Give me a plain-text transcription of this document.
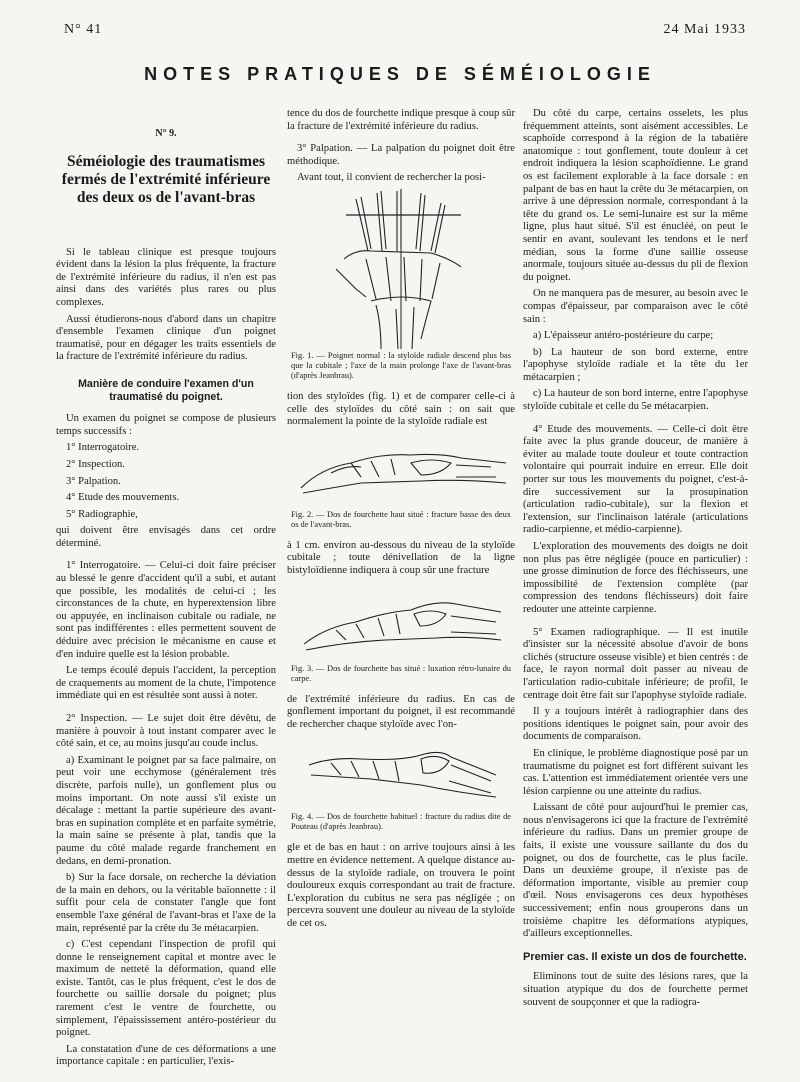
N° 41	24 Mai 1933
NOTES PRATIQUES DE SÉMÉIOLOGIE
N° 9.
Séméiologie des traumatismes fermés de l'extrémité inférieure des deux os de l'avant-bras

Si le tableau clinique est presque toujours évident dans la lésion la plus fréquente, la fracture de l'extrémité inférieure du radius, il n'en est pas ainsi dans des variétés plus rares ou plus complexes.

Aussi étudierons-nous d'abord dans un chapitre d'ensemble l'examen clinique d'un poignet traumatisé, pour en dégager les traits essentiels de la fracture de l'extrémité inférieure du radius.

Manière de conduire l'examen d'un traumatisé du poignet.

Un examen du poignet se compose de plusieurs temps successifs :

1° Interrogatoire.

2° Inspection.

3° Palpation.

4° Etude des mouvements.

5° Radiographie,

qui doivent être envisagés dans cet ordre déterminé.

1° Interrogatoire. — Celui-ci doit faire préciser au blessé le genre d'accident qu'il a subi, et autant que possible, les modalités de celui-ci ; les circonstances de la chute, en hyperextension libre ou appuyée, en inclinaison cubitale ou radiale, ne sont pas indifférentes : elles permettent souvent de déduire avec précision le mécanisme en cause et d'en induire quelle est la lésion probable.

Le temps écoulé depuis l'accident, la perception de craquements au moment de la chute, l'impotence immédiate qui en est résultée sont aussi à noter.

2° Inspection. — Le sujet doit être dévêtu, de manière à pouvoir à tout instant comparer avec le côté sain, et ce, au moins jusqu'au coude inclus.

a) Examinant le poignet par sa face palmaire, on peut voir une ecchymose (généralement très discrète, parfois nulle), un gonflement plus ou moins important. On note aussi s'il existe un décalage : mettant la partie supérieure des avant-bras en supination complète et en parfaite symétrie, la main saine se présente à plat, tandis que la paume du côté malade regarde franchement en dedans, en demi-pronation.

b) Sur la face dorsale, on recherche la déviation de la main en dehors, ou la véritable baïonnette : il suffit pour cela de constater l'angle que font ensemble l'axe général de l'avant-bras et l'axe de la main, représenté par la crête du 3e métacarpien.

c) C'est cependant l'inspection de profil qui donne le renseignement capital et montre avec le maximum de netteté la déformation, quand elle existe. Tantôt, cas le plus fréquent, c'est le dos de fourchette ou saillie dorsale du poignet; plus rarement c'est le ventre de fourchette, ou simplement, l'épaississement antéro-postérieur du poignet.

La constatation d'une de ces déformations a une importance capitale : en particulier, l'exis-

tence du dos de fourchette indique presque à coup sûr la fracture de l'extrémité inférieure du radius.

3° Palpation. — La palpation du poignet doit être méthodique.

Avant tout, il convient de rechercher la posi-

Fig. 1. — Poignet normal : la styloïde radiale descend plus bas que la cubitale ; l'axe de la main prolonge l'axe de l'avant-bras (d'après Jeanbrau).

tion des styloïdes (fig. 1) et de comparer celle-ci à celle des styloïdes du côté sain : on sait que normalement la pointe de la styloïde radiale est

Fig. 2. — Dos de fourchette haut situé : fracture basse des deux os de l'avant-bras.

à 1 cm. environ au-dessous du niveau de la styloïde cubitale ; toute dénivellation de la ligne bistyloïdienne indiquera à coup sûr une fracture

Fig. 3. — Dos de fourchette bas situé : luxation rétro-lunaire du carpe.

de l'extrémité inférieure du radius. En cas de gonflement important du poignet, il est recommandé de rechercher chaque styloïde avec l'on-

Fig. 4. — Dos de fourchette habituel : fracture du radius dite de Pouteau (d'après Jeanbrau).

gle et de bas en haut : on arrive toujours ainsi à les mettre en évidence nettement. A quelque distance au-dessus de la styloïde radiale, on trouvera le point douloureux exquis correspondant au trait de fracture. L'exploration du cubitus ne sera pas négligée ; on percevra souvent une douleur au niveau de la styloïde de cet os.

Du côté du carpe, certains osselets, les plus fréquemment atteints, sont aisément accessibles. Le scaphoïde correspond à la région de la tabatière anatomique : tout gonflement, toute douleur à cet endroit indiquera la lésion scaphoïdienne. Le grand os est facilement explorable à la face dorsale : en palpant de bas en haut la crête du 3e métacarpien, on arrive à une dépression normale, correspondant à la tête du grand os. Le semi-lunaire est sur la même ligne, plus haut situé. S'il est énucléé, on peut le sentir en avant, soulevant les tendons et le nerf médian, sous la forme d'une saillie osseuse anormale, toujours située au-dessus du pli de flexion du poignet.

On ne manquera pas de mesurer, au besoin avec le compas d'épaisseur, par comparaison avec le côté sain :

a) L'épaisseur antéro-postérieure du carpe;

b) La hauteur de son bord externe, entre l'apophyse styloïde radiale et la tête du 1er métacarpien ;

c) La hauteur de son bord interne, entre l'apophyse styloïde cubitale et celle du 5e métacarpien.

4° Etude des mouvements. — Celle-ci doit être faite avec la plus grande douceur, de manière à éviter au malade toute douleur et toute contraction volontaire qui pourrait induire en erreur. Elle doit porter sur tous les mouvements du poignet, c'est-à-dire successivement sur la prosupination (articulation radio-cubitale), sur la flexion et l'extension, sur l'inclinaison latérale (articulations radio-carpienne, et médio-carpienne).

L'exploration des mouvements des doigts ne doit non plus pas être négligée (pouce en particulier) : une grosse diminution de force des fléchisseurs, une impossibilité de l'extension complète (par compression des tendons fléchisseurs) doit faire redouter une atteinte carpienne.

5° Examen radiographique. — Il est inutile d'insister sur la nécessité absolue d'avoir de bons clichés (structure osseuse visible) et bien centrés : de face, le rayon normal doit passer au niveau de l'articulation radio-cubitale inférieure; de profil, le centrage doit être fait sur l'apophyse styloïde radiale.

Il y a toujours intérêt à radiographier dans des positions identiques le poignet sain, pour avoir des documents de comparaison.

En clinique, le problème diagnostique posé par un traumatisme du poignet est fort différent suivant les cas. L'attention est immédiatement orientée vers une lésion carpienne ou une atteinte du radius.

Laissant de côté pour aujourd'hui le premier cas, nous n'envisagerons ici que la fracture de l'extrémité inférieure du radius. Dans un premier groupe de faits, il existe une voussure saillante du dos du poignet, ou dos de fourchette, cas le plus facile. Dans un deuxième groupe, il n'existe pas de déformation importante, visible au premier coup d'œil. Nous envisagerons ces deux hypothèses successivement; enfin nous grouperons dans un troisième chapitre les déformations atypiques, d'ailleurs exceptionnelles.

Premier cas. Il existe un dos de fourchette.

Eliminons tout de suite des lésions rares, que la situation atypique du dos de fourchette permet souvent de soupçonner et que la radiogra-
